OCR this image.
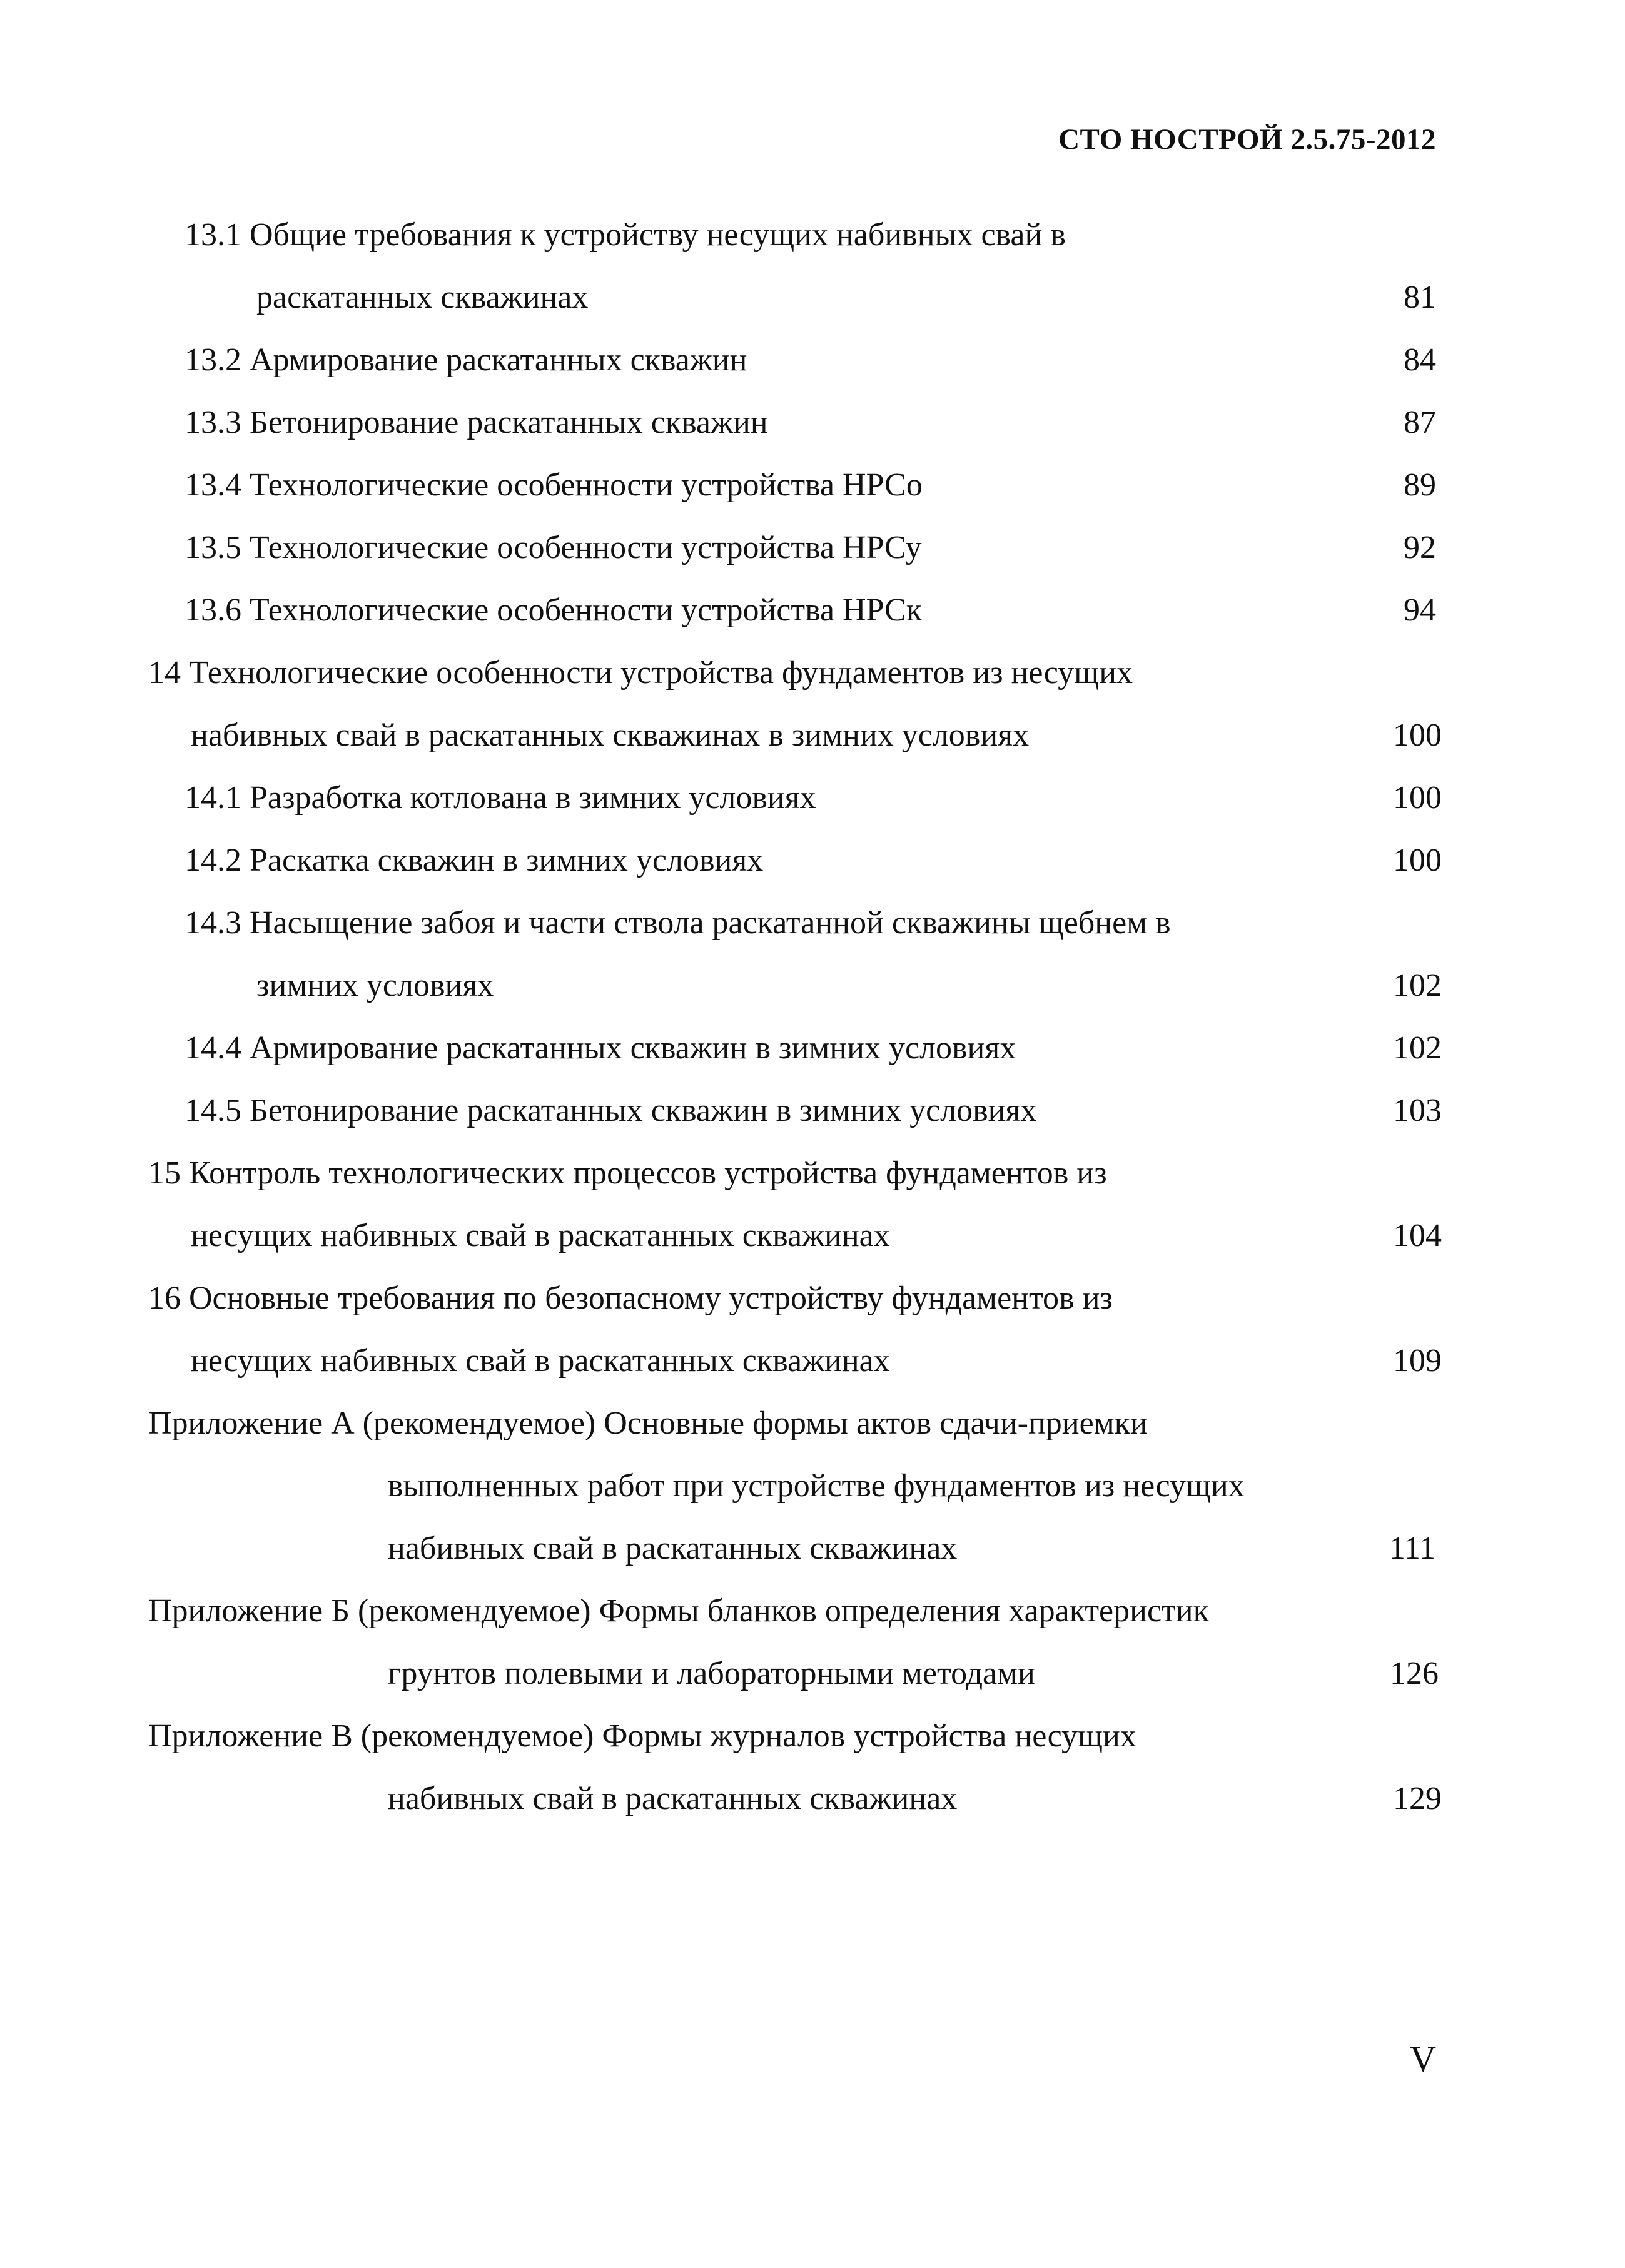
СТО НОСТРОЙ 2.5.75-2012
13.1 Общие требования к устройству несущих набивных свай в
раскатанных скважинах	81
13.2 Армирование раскатанных скважин	84
13.3 Бетонирование раскатанных скважин	87
13.4 Технологические особенности устройства НРСо	89
13.5 Технологические особенности устройства НРСу	92
13.6 Технологические особенности устройства НРСк	94
14 Технологические особенности устройства фундаментов из несущих
набивных свай в раскатанных скважинах в зимних условиях	100
14.1 Разработка котлована в зимних условиях	100
14.2 Раскатка скважин в зимних условиях	100
14.3 Насыщение забоя и части ствола раскатанной скважины щебнем в
зимних условиях	102
14.4 Армирование раскатанных скважин в зимних условиях	102
14.5 Бетонирование раскатанных скважин в зимних условиях	103
15 Контроль технологических процессов устройства фундаментов из
несущих набивных свай в раскатанных скважинах	104
16 Основные требования по безопасному устройству фундаментов из
несущих набивных свай в раскатанных скважинах	109
Приложение А (рекомендуемое) Основные формы актов сдачи-приемки
выполненных работ при устройстве фундаментов из несущих
набивных свай в раскатанных скважинах	111
Приложение Б (рекомендуемое) Формы бланков определения характеристик
грунтов полевыми и лабораторными методами	126
Приложение В (рекомендуемое) Формы журналов устройства несущих
набивных свай в раскатанных скважинах	129
V
